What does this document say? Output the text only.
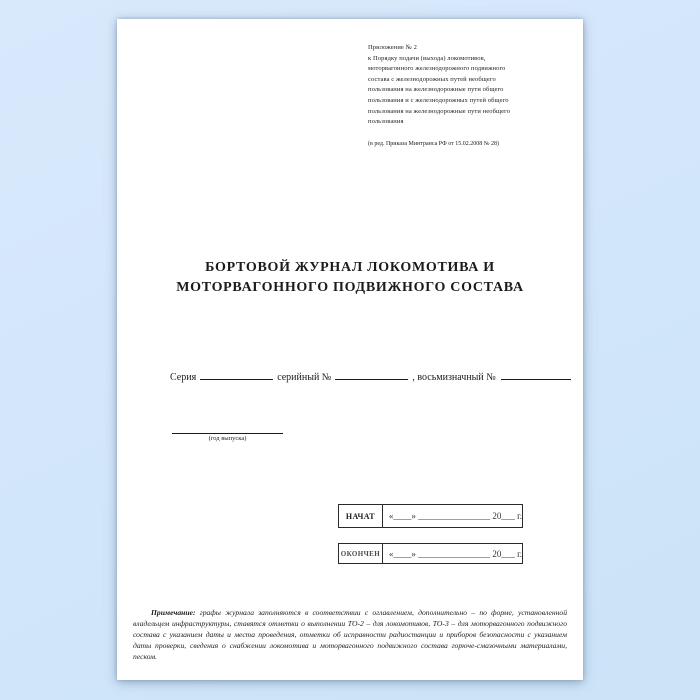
Приложение № 2
к Порядку подачи (выхода) локомотивов,
моторвагонного железнодорожного подвижного
состава с железнодорожных путей необщего
пользования на железнодорожные пути общего
пользования и с железнодорожных путей общего
пользования на железнодорожные пути необщего
пользования
(в ред. Приказа Минтранса РФ от 15.02.2008 № 28)
БОРТОВОЙ ЖУРНАЛ ЛОКОМОТИВА И
МОТОРВАГОННОГО ПОДВИЖНОГО СОСТАВА
Серия	серийный №	, восьмизначный №
(год выпуска)
НАЧАТ	«____» ________________ 20___ г.
ОКОНЧЕН «____» ________________ 20___ г.

Примечание: графы журнала заполняются в соответствии с оглавлением, дополнительно – по форме, установленной владельцем инфраструктуры, ставятся отметки о выполнении ТО-2 – для локомотивов, ТО-3 – для моторвагонного подвижного состава с указанием даты и места проведения, отметки об исправности радиостанции и приборов безопасности с указанием даты проверки, сведения о снабжении локомотива и моторвагонного подвижного состава горюче-смазочными материалами, песком.
